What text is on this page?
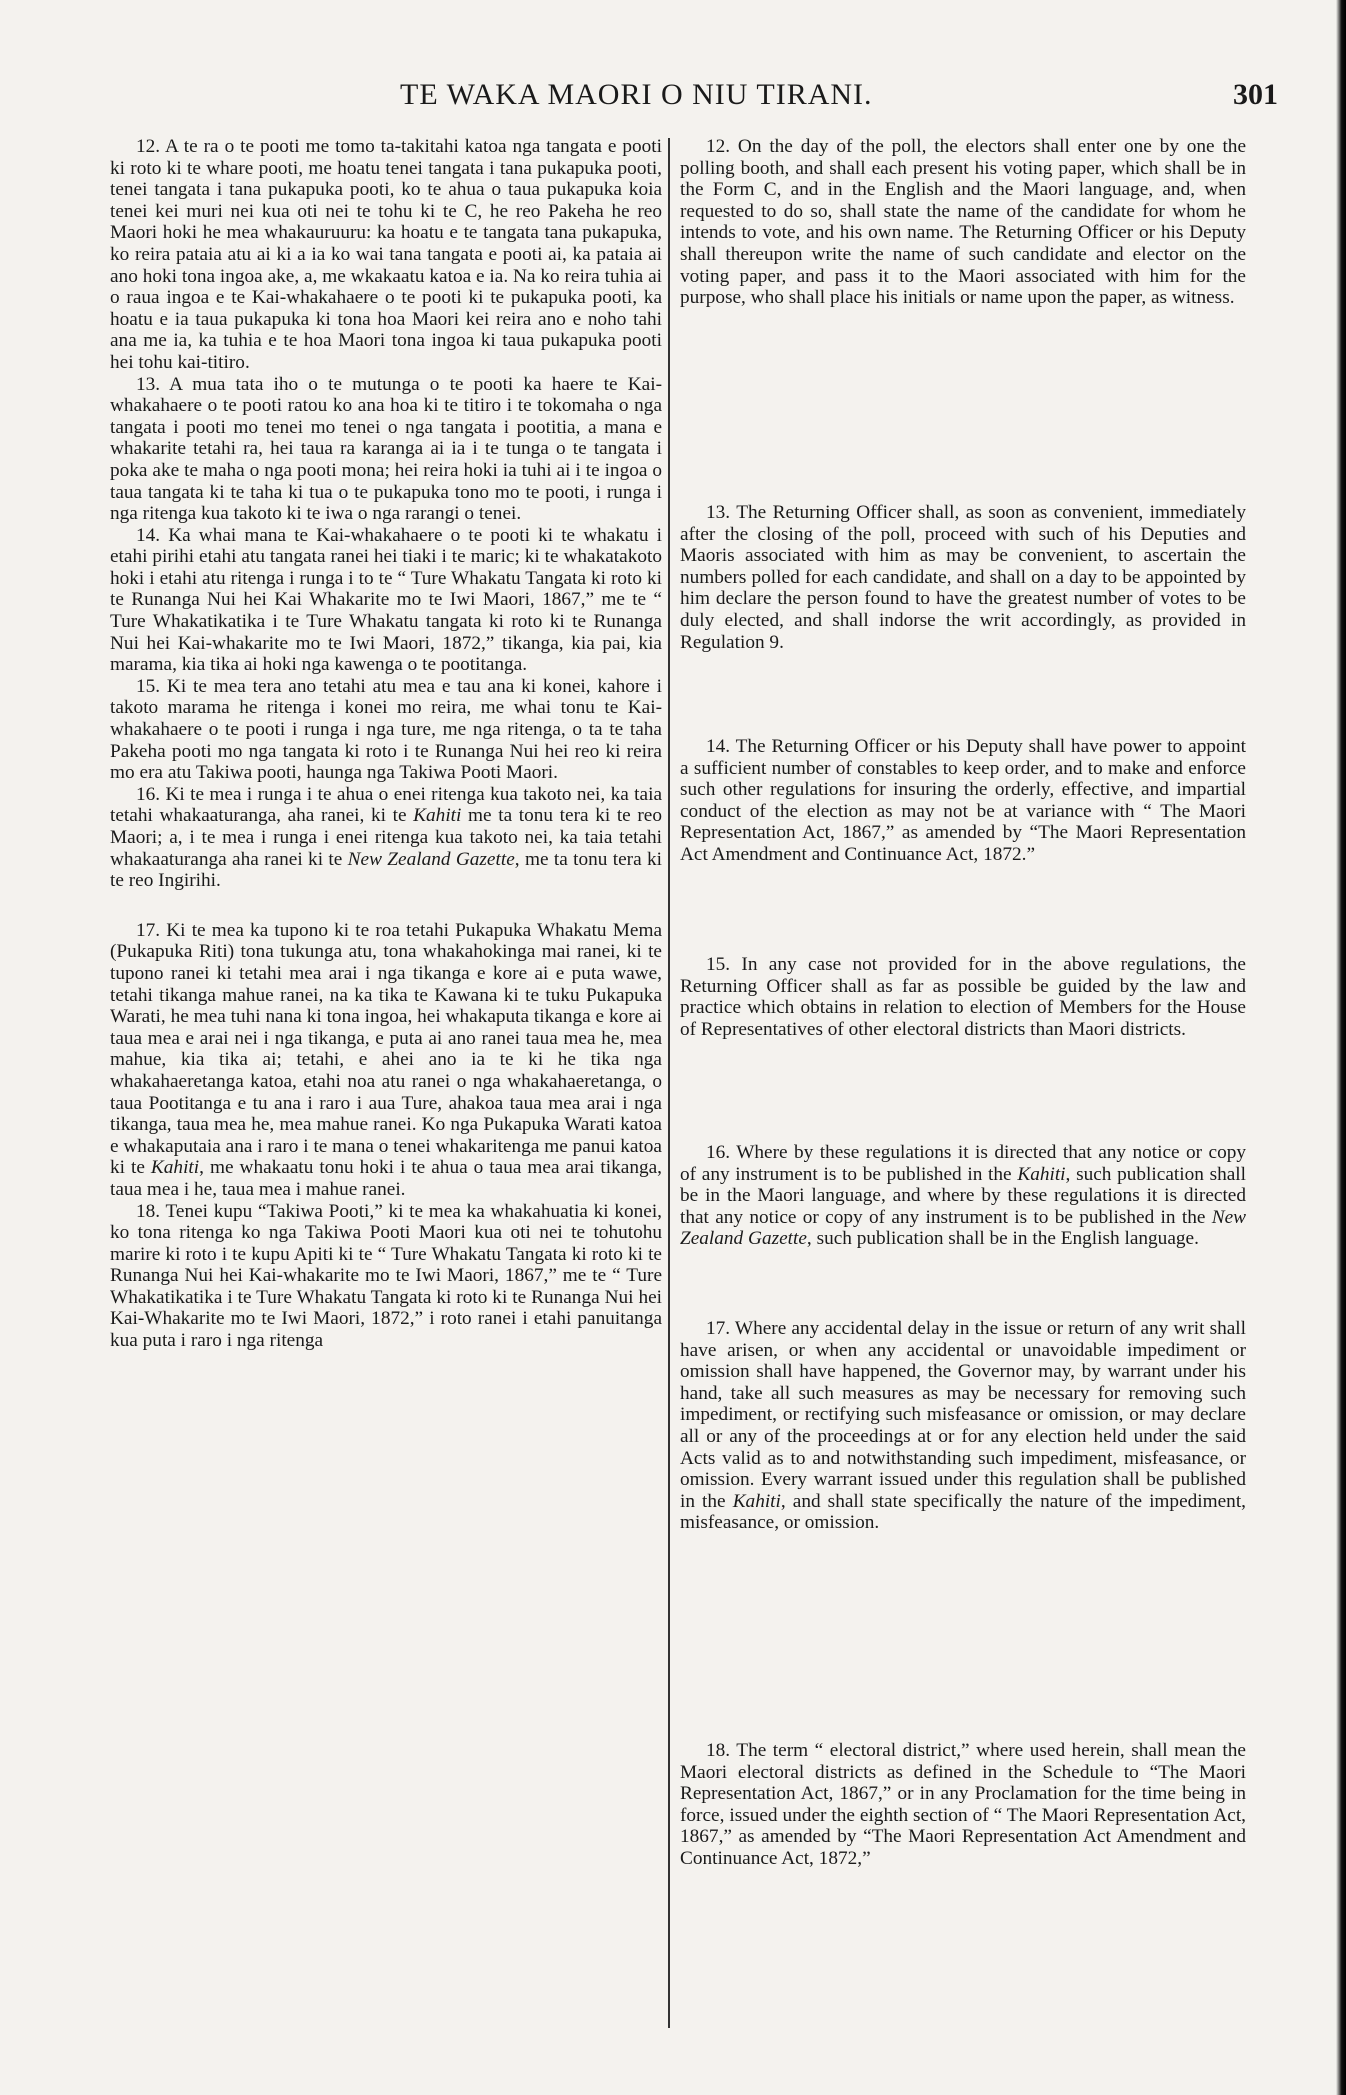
TE WAKA MAORI O NIU TIRANI.	301

12. A te ra o te pooti me tomo ta-takitahi katoa nga tangata e pooti ki roto ki te whare pooti, me hoatu tenei tangata i tana pukapuka pooti, tenei tangata i tana pukapuka pooti, ko te ahua o taua pukapuka koia tenei kei muri nei kua oti nei te tohu ki te C, he reo Pakeha he reo Maori hoki he mea whakauruuru: ka hoatu e te tangata tana pukapuka, ko reira pataia atu ai ki a ia ko wai tana tangata e pooti ai, ka pataia ai ano hoki tona ingoa ake, a, me wkakaatu katoa e ia. Na ko reira tuhia ai o raua ingoa e te Kai-whakahaere o te pooti ki te pukapuka pooti, ka hoatu e ia taua pukapuka ki tona hoa Maori kei reira ano e noho tahi ana me ia, ka tuhia e te hoa Maori tona ingoa ki taua pukapuka pooti hei tohu kai-titiro.

13. A mua tata iho o te mutunga o te pooti ka haere te Kai-whakahaere o te pooti ratou ko ana hoa ki te titiro i te tokomaha o nga tangata i pooti mo tenei mo tenei o nga tangata i pootitia, a mana e whakarite tetahi ra, hei taua ra karanga ai ia i te tunga o te tangata i poka ake te maha o nga pooti mona; hei reira hoki ia tuhi ai i te ingoa o taua tangata ki te taha ki tua o te pukapuka tono mo te pooti, i runga i nga ritenga kua takoto ki te iwa o nga rarangi o tenei.

14. Ka whai mana te Kai-whakahaere o te pooti ki te whakatu i etahi pirihi etahi atu tangata ranei hei tiaki i te maric; ki te whakatakoto hoki i etahi atu ritenga i runga i to te “ Ture Whakatu Tangata ki roto ki te Runanga Nui hei Kai Whakarite mo te Iwi Maori, 1867,” me te “ Ture Whakatikatika i te Ture Whakatu tangata ki roto ki te Runanga Nui hei Kai-whakarite mo te Iwi Maori, 1872,” tikanga, kia pai, kia marama, kia tika ai hoki nga kawenga o te pootitanga.

15. Ki te mea tera ano tetahi atu mea e tau ana ki konei, kahore i takoto marama he ritenga i konei mo reira, me whai tonu te Kai-whakahaere o te pooti i runga i nga ture, me nga ritenga, o ta te taha Pakeha pooti mo nga tangata ki roto i te Runanga Nui hei reo ki reira mo era atu Takiwa pooti, haunga nga Takiwa Pooti Maori.

16. Ki te mea i runga i te ahua o enei ritenga kua takoto nei, ka taia tetahi whakaaturanga, aha ranei, ki te Kahiti me ta tonu tera ki te reo Maori; a, i te mea i runga i enei ritenga kua takoto nei, ka taia tetahi whakaaturanga aha ranei ki te New Zealand Gazette, me ta tonu tera ki te reo Ingirihi.

17. Ki te mea ka tupono ki te roa tetahi Pukapuka Whakatu Mema (Pukapuka Riti) tona tukunga atu, tona whakahokinga mai ranei, ki te tupono ranei ki tetahi mea arai i nga tikanga e kore ai e puta wawe, tetahi tikanga mahue ranei, na ka tika te Kawana ki te tuku Pukapuka Warati, he mea tuhi nana ki tona ingoa, hei whakaputa tikanga e kore ai taua mea e arai nei i nga tikanga, e puta ai ano ranei taua mea he, mea mahue, kia tika ai; tetahi, e ahei ano ia te ki he tika nga whakahaeretanga katoa, etahi noa atu ranei o nga whakahaeretanga, o taua Pootitanga e tu ana i raro i aua Ture, ahakoa taua mea arai i nga tikanga, taua mea he, mea mahue ranei. Ko nga Pukapuka Warati katoa e whakaputaia ana i raro i te mana o tenei whakaritenga me panui katoa ki te Kahiti, me whakaatu tonu hoki i te ahua o taua mea arai tikanga, taua mea i he, taua mea i mahue ranei.

18. Tenei kupu “Takiwa Pooti,” ki te mea ka whakahuatia ki konei, ko tona ritenga ko nga Takiwa Pooti Maori kua oti nei te tohutohu marire ki roto i te kupu Apiti ki te “ Ture Whakatu Tangata ki roto ki te Runanga Nui hei Kai-whakarite mo te Iwi Maori, 1867,” me te “ Ture Whakatikatika i te Ture Whakatu Tangata ki roto ki te Runanga Nui hei Kai-Whakarite mo te Iwi Maori, 1872,” i roto ranei i etahi panuitanga kua puta i raro i nga ritenga

12. On the day of the poll, the electors shall enter one by one the polling booth, and shall each present his voting paper, which shall be in the Form C, and in the English and the Maori language, and, when requested to do so, shall state the name of the candidate for whom he intends to vote, and his own name. The Returning Officer or his Deputy shall thereupon write the name of such candidate and elector on the voting paper, and pass it to the Maori associated with him for the purpose, who shall place his initials or name upon the paper, as witness.

13. The Returning Officer shall, as soon as convenient, immediately after the closing of the poll, proceed with such of his Deputies and Maoris associated with him as may be convenient, to ascertain the numbers polled for each candidate, and shall on a day to be appointed by him declare the person found to have the greatest number of votes to be duly elected, and shall indorse the writ accordingly, as provided in Regulation 9.

14. The Returning Officer or his Deputy shall have power to appoint a sufficient number of constables to keep order, and to make and enforce such other regulations for insuring the orderly, effective, and impartial conduct of the election as may not be at variance with “ The Maori Representation Act, 1867,” as amended by “The Maori Representation Act Amendment and Continuance Act, 1872.”

15. In any case not provided for in the above regulations, the Returning Officer shall as far as possible be guided by the law and practice which obtains in relation to election of Members for the House of Representatives of other electoral districts than Maori districts.

16. Where by these regulations it is directed that any notice or copy of any instrument is to be published in the Kahiti, such publication shall be in the Maori language, and where by these regulations it is directed that any notice or copy of any instrument is to be published in the New Zealand Gazette, such publication shall be in the English language.

17. Where any accidental delay in the issue or return of any writ shall have arisen, or when any accidental or unavoidable impediment or omission shall have happened, the Governor may, by warrant under his hand, take all such measures as may be necessary for removing such impediment, or rectifying such misfeasance or omission, or may declare all or any of the proceedings at or for any election held under the said Acts valid as to and notwithstanding such impediment, misfeasance, or omission. Every warrant issued under this regulation shall be published in the Kahiti, and shall state specifically the nature of the impediment, misfeasance, or omission.

18. The term “ electoral district,” where used herein, shall mean the Maori electoral districts as defined in the Schedule to “The Maori Representation Act, 1867,” or in any Proclamation for the time being in force, issued under the eighth section of “ The Maori Representation Act, 1867,” as amended by “The Maori Representation Act Amendment and Continuance Act, 1872,”
